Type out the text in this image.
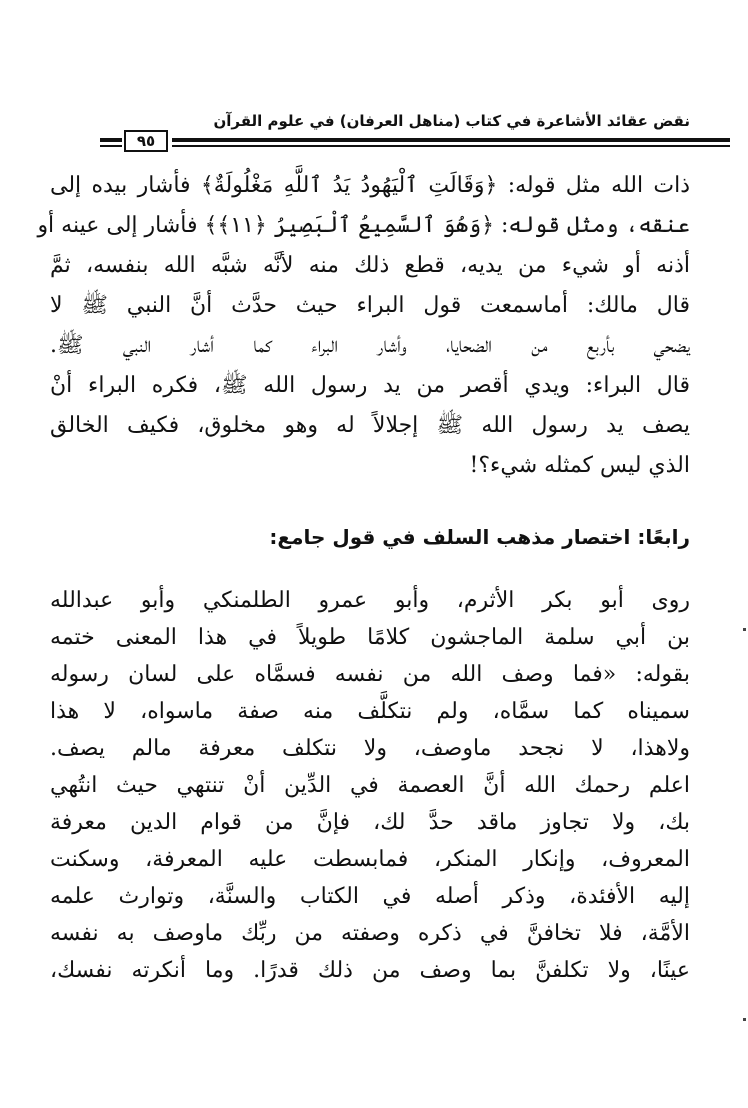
نقض عقائد الأشاعرة في كتاب (مناهل العرفان) في علوم القرآن
٩٥
ذات الله مثل قوله: ﴿وَقَالَتِ ٱلْيَهُودُ يَدُ ٱللَّهِ مَغْلُولَةٌ﴾ فأشار بيده إلى
عنقه، ومثل قوله: ﴿وَهُوَ ٱلسَّمِيعُ ٱلْبَصِيرُ ﴿١١﴾﴾ فأشار إلى عينه أو
أذنه أو شيء من يديه، قطع ذلك منه لأنَّه شبَّه الله بنفسه، ثمَّ
قال مالك: أماسمعت قول البراء حيث حدَّث أنَّ النبي ﷺ لا
يضحي بأربع من الضحايا، وأشار البراء كما أشار النبي ﷺ.
قال البراء: ويدي أقصر من يد رسول الله ﷺ، فكره البراء أنْ
يصف يد رسول الله ﷺ إجلالاً له وهو مخلوق، فكيف الخالق
الذي ليس كمثله شيء؟!
رابعًا: اختصار مذهب السلف في قول جامع:
روى أبو بكر الأثرم، وأبو عمرو الطلمنكي وأبو عبدالله
بن أبي سلمة الماجشون كلامًا طويلاً في هذا المعنى ختمه
بقوله: «فما وصف الله من نفسه فسمَّاه على لسان رسوله
سميناه كما سمَّاه، ولم نتكلَّف منه صفة ماسواه، لا هذا
ولاهذا، لا نجحد ماوصف، ولا نتكلف معرفة مالم يصف.
اعلم رحمك الله أنَّ العصمة في الدِّين أنْ تنتهي حيث انتُهي
بك، ولا تجاوز ماقد حدَّ لك، فإنَّ من قوام الدين معرفة
المعروف، وإنكار المنكر، فمابسطت عليه المعرفة، وسكنت
إليه الأفئدة، وذكر أصله في الكتاب والسنَّة، وتوارث علمه
الأمَّة، فلا تخافنَّ في ذكره وصفته من ربِّك ماوصف به نفسه
عينًا، ولا تكلفنَّ بما وصف من ذلك قدرًا. وما أنكرته نفسك،
